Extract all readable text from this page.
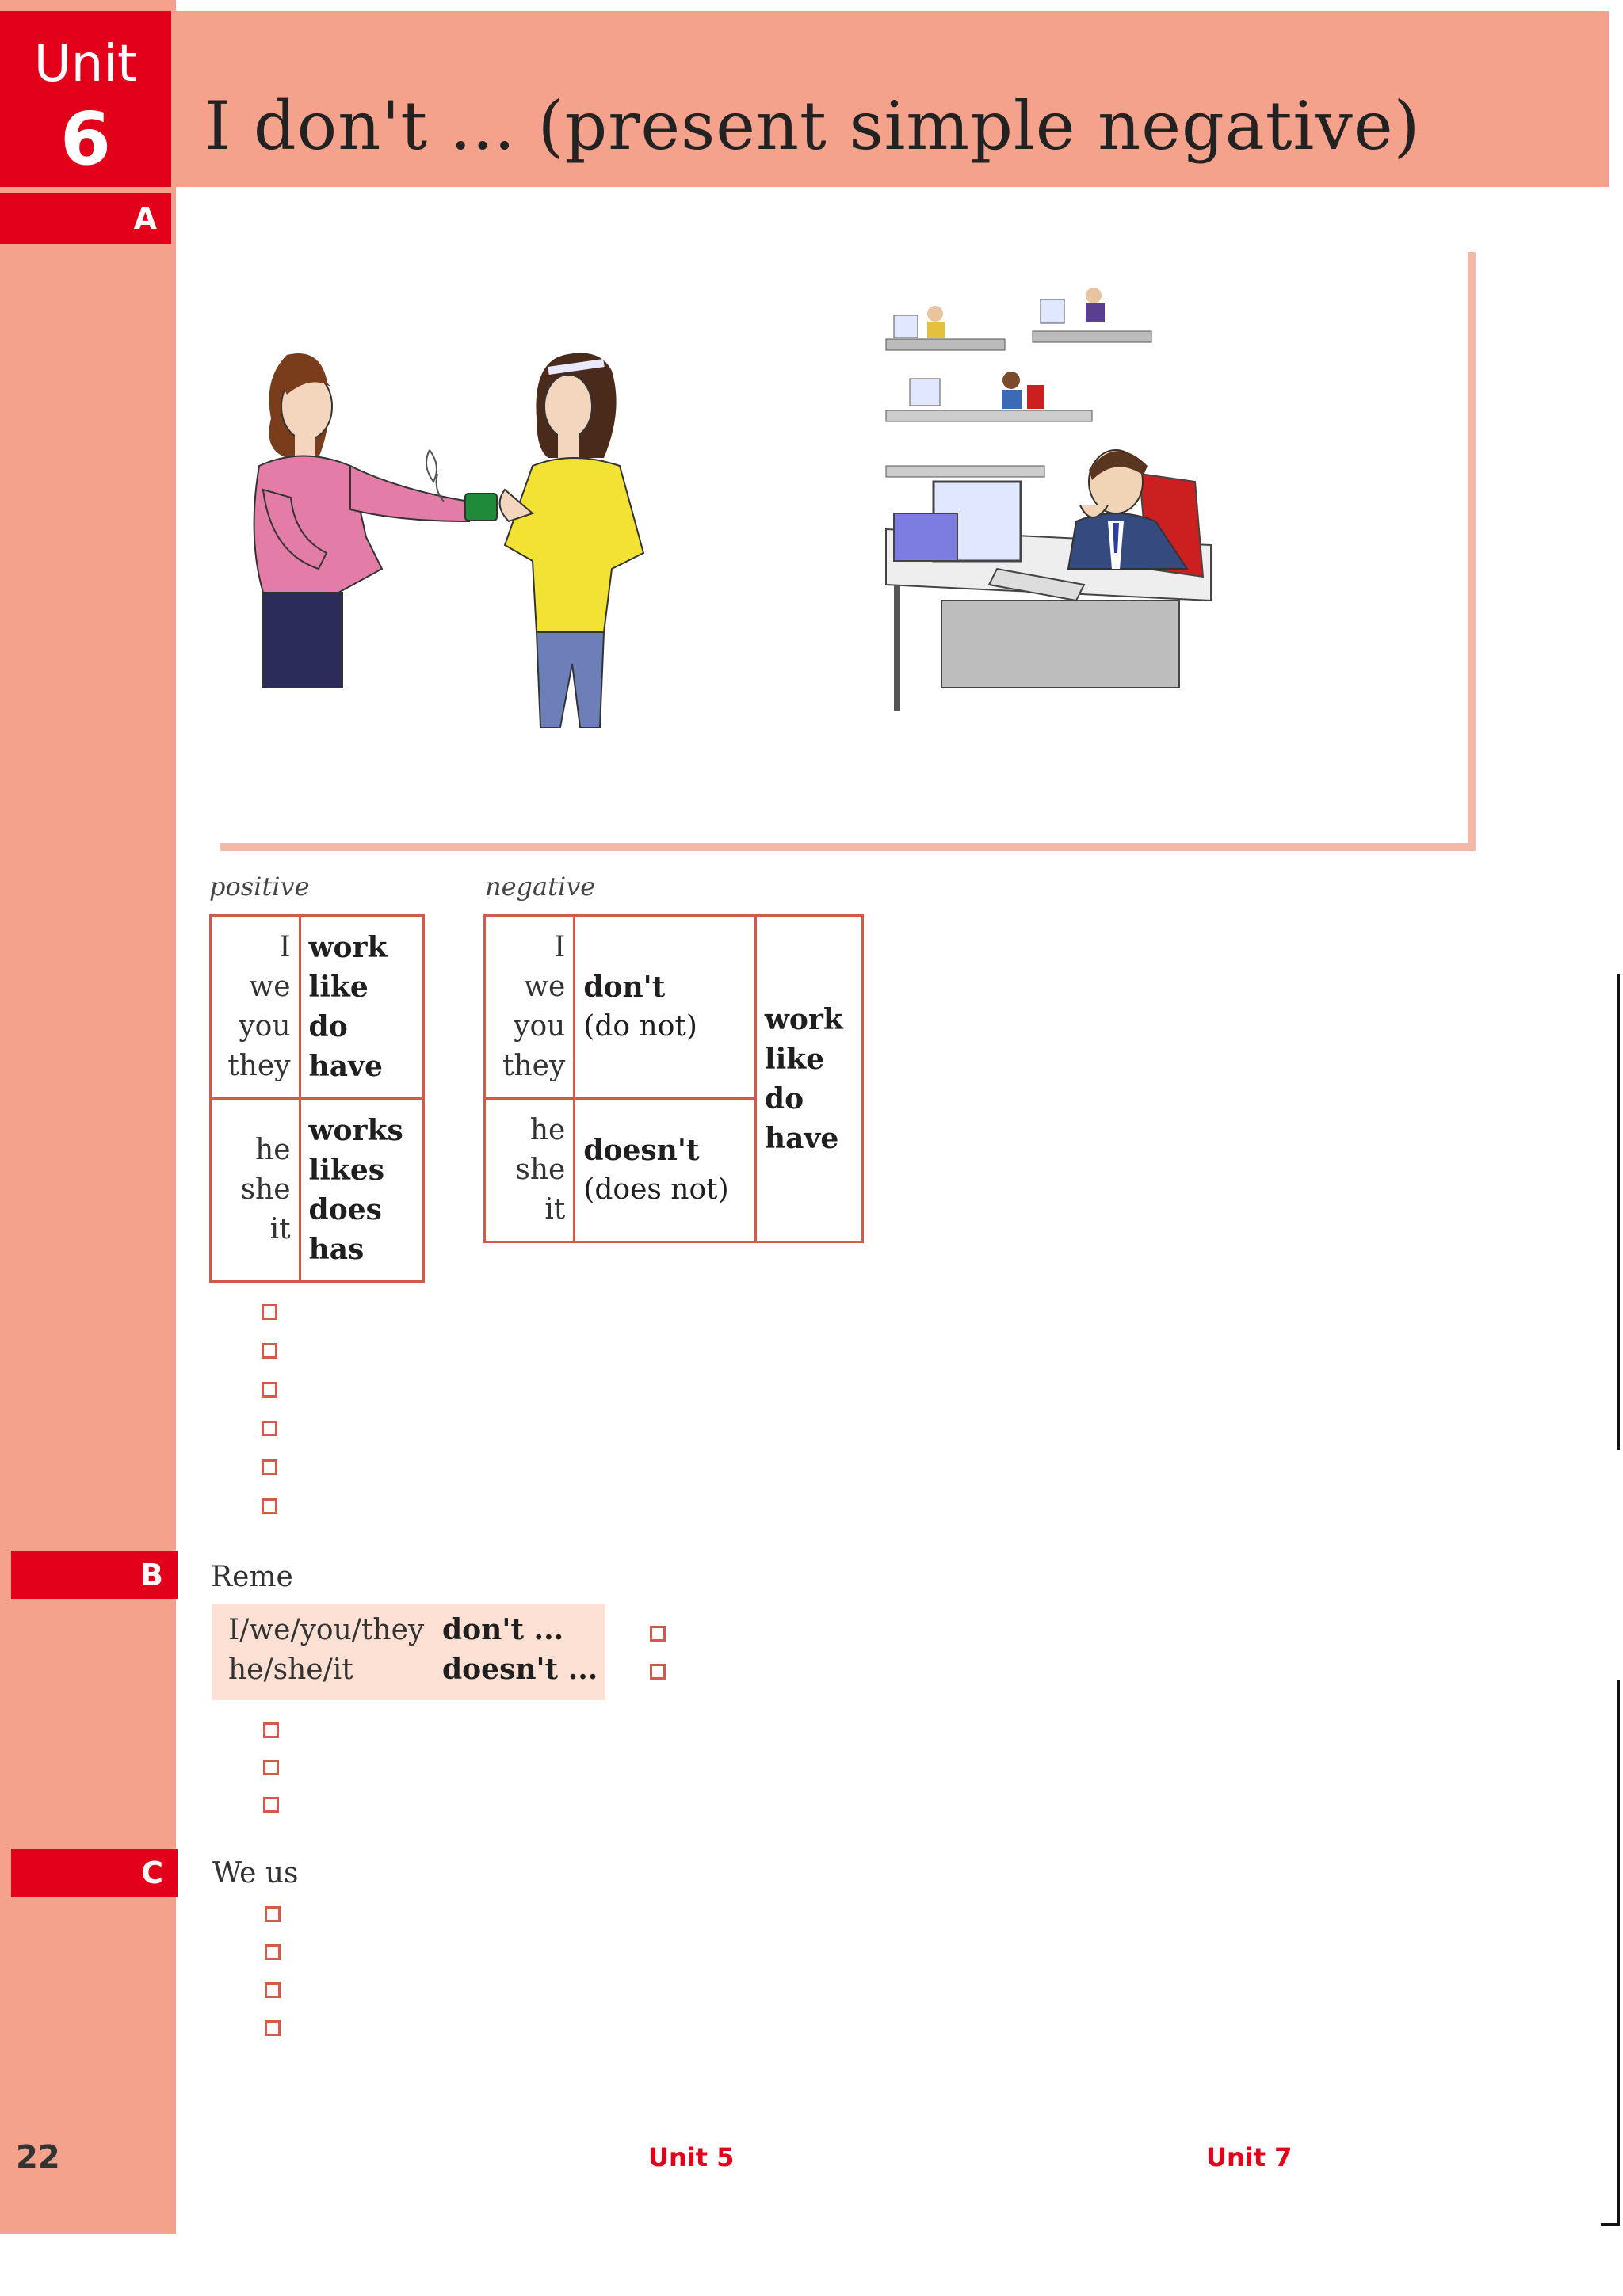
Unit
6	I don't ... (present simple negative)
A
B
C
positive	negative
I
we
you
they	work
like
do
have

he
she
it	works
likes
does
has
I
we
you
they	don't
(do not)	work
like
do
have

he
she
it	doesn't
(does not)	
Reme
I/we/you/they don't ...
he/she/it	doesn't ...
We us
22	Unit 5	Unit 7
